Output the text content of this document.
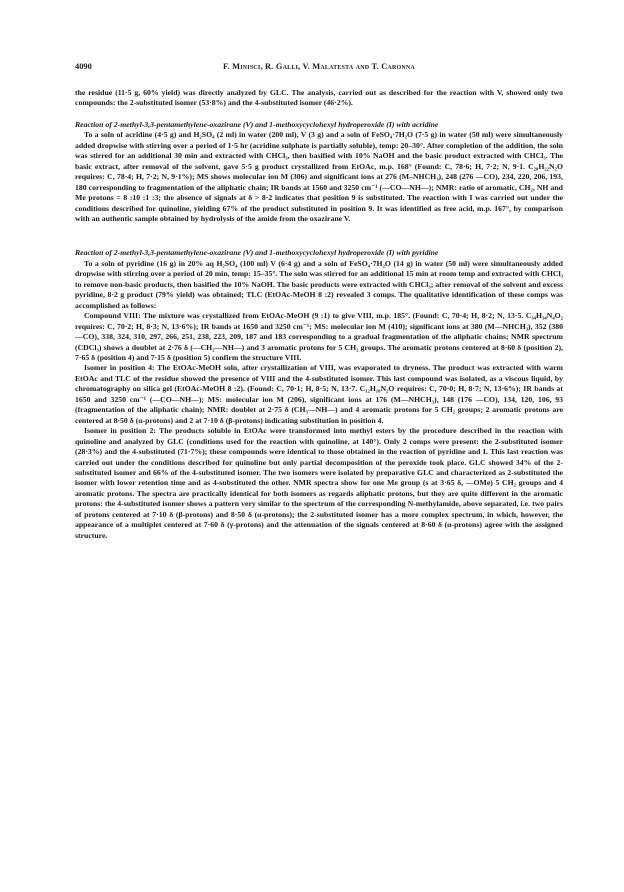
4090	F. Minisci, R. Galli, V. Malatesta and T. Caronna

the residue (11·5 g, 60% yield) was directly analyzed by GLC. The analysis, carried out as described for the reaction with V, showed only two compounds: the 2-substituted isomer (53·8%) and the 4-substituted isomer (46·2%).

Reaction of 2-methyl-3,3-pentamethylene-oxazirane (V) and 1-methoxycyclohexyl hydroperoxide (I) with acridine

To a soln of acridine (4·5 g) and H₂SO₄ (2 ml) in water (200 ml), V (3 g) and a soln of FeSO₄·7H₂O (7·5 g) in water (50 ml) were simultaneously added dropwise with stirring over a period of 1·5 hr (acridine sulphate is partially soluble), temp: 20–30°. After completion of the addition, the soln was stirred for an additional 30 min and extracted with CHCl₃, then basified with 10% NaOH and the basic product extracted with CHCl₃. The basic extract, after removal of the solvent, gave 5·5 g product crystallized from EtOAc, m.p. 168° (Found: C, 78·6; H, 7·2; N, 9·1. C₂₀H₂₂N₂O requires: C, 78·4; H, 7·2; N, 9·1%); MS shows molecular ion M (306) and significant ions at 276 (M–NHCH₃), 248 (276 —CO), 234, 220, 206, 193, 180 corresponding to fragmentation of the aliphatic chain; IR bands at 1560 and 3250 cm⁻¹ (—CO—NH—); NMR: ratio of aromatic, CH₂, NH and Me protons = 8 :10 :1 :3; the absence of signals at δ > 8·2 indicates that position 9 is substituted. The reaction with I was carried out under the conditions described for quinoline, yielding 67% of the product substituted in position 9. It was identified as free acid, m.p. 167°, by comparison with an authentic sample obtained by hydrolysis of the amide from the oxazirane V.

Reaction of 2-methyl-3,3-pentamethylene-oxazirane (V) and 1-methoxycyclohexyl hydroperoxide (I) with pyridine

To a soln of pyridine (16 g) in 20% aq H₂SO₄ (100 ml) V (6·4 g) and a soln of FeSO₄·7H₂O (14 g) in water (50 ml) were simultaneously added dropwise with stirring over a period of 20 min, temp: 15–35°. The soln was stirred for an additional 15 min at room temp and extracted with CHCl₃ to remove non-basic products, then basified the 10% NaOH. The basic products were extracted with CHCl₃; after removal of the solvent and excess pyridine, 8·2 g product (79% yield) was obtained; TLC (EtOAc-MeOH 8 :2) revealed 3 comps. The qualitative identification of these comps was accomplished as follows:

Compound VIII: The mixture was crystallized from EtOAc-MeOH (9 :1) to give VIII, m.p. 185°. (Found: C, 70·4; H, 8·2; N, 13·5. C₃₄H₃₄N₄O₂ requires: C, 70·2; H, 8·3; N, 13·6%); IR bands at 1650 and 3250 cm⁻¹; MS: molecular ion M (410); significant ions at 380 (M—NHCH₃), 352 (380 —CO), 338, 324, 310, 297, 266, 251, 238, 223, 209, 187 and 183 corresponding to a gradual fragmentation of the aliphatic chains; NMR spectrum (CDCl₃) shows a doublet at 2·76 δ (—CH₂—NH—) and 3 aromatic protons for 5 CH₂ groups. The aromatic protons centered at 8·60 δ (position 2), 7·65 δ (position 4) and 7·15 δ (position 5) confirm the structure VIII.

Isomer in position 4: The EtOAc-MeOH soln, after crystallization of VIII, was evaporated to dryness. The product was extracted with warm EtOAc and TLC of the residue showed the presence of VIII and the 4-substituted isomer. This last compound was isolated, as a viscous liquid, by chromatography on silica gel (EtOAc-MeOH 8 :2). (Found: C, 70·1; H, 8·5; N, 13·7. C₁₂H₁₈N₂O requires: C, 70·0; H, 8·7; N, 13·6%); IR bands at 1650 and 3250 cm⁻¹ (—CO—NH—); MS: molecular ion M (206), significant ions at 176 (M—NHCH₃), 148 (176 —CO), 134, 120, 106, 93 (fragmentation of the aliphatic chain); NMR: doublet at 2·75 δ (CH₃—NH—) and 4 aromatic protons for 5 CH₂ groups; 2 aromatic protons are centered at 8·50 δ (α-protons) and 2 at 7·10 δ (β-protons) indicating substitution in position 4.

Isomer in position 2: The products soluble in EtOAc were transformed into methyl esters by the procedure described in the reaction with quinoline and analyzed by GLC (conditions used for the reaction with quinoline, at 140°). Only 2 comps were present: the 2-substituted isomer (28·3%) and the 4-substituted (71·7%); these compounds were identical to those obtained in the reaction of pyridine and I. This last reaction was carried out under the conditions described for quinoline but only partial decomposition of the peroxide took place. GLC showed 34% of the 2-substituted isomer and 66% of the 4-substituted isomer. The two isomers were isolated by preparative GLC and characterized as 2-substituted the isomer with lower retention time and as 4-substituted the other. NMR spectra show for one Me group (s at 3·65 δ, —OMe) 5 CH₂ groups and 4 aromatic protons. The spectra are practically identical for both isomers as regards aliphatic protons, but they are quite different in the aromatic protons: the 4-substituted isomer shows a pattern very similar to the spectrum of the corresponding N-methylamide, above separated, i.e. two pairs of protons centered at 7·10 δ (β-protons) and 8·50 δ (α-protons); the 2-substituted isomer has a more complex spectrum, in which, however, the appearance of a multiplet centered at 7·60 δ (γ-protons) and the attenuation of the signals centered at 8·60 δ (α-protons) agree with the assigned structure.
